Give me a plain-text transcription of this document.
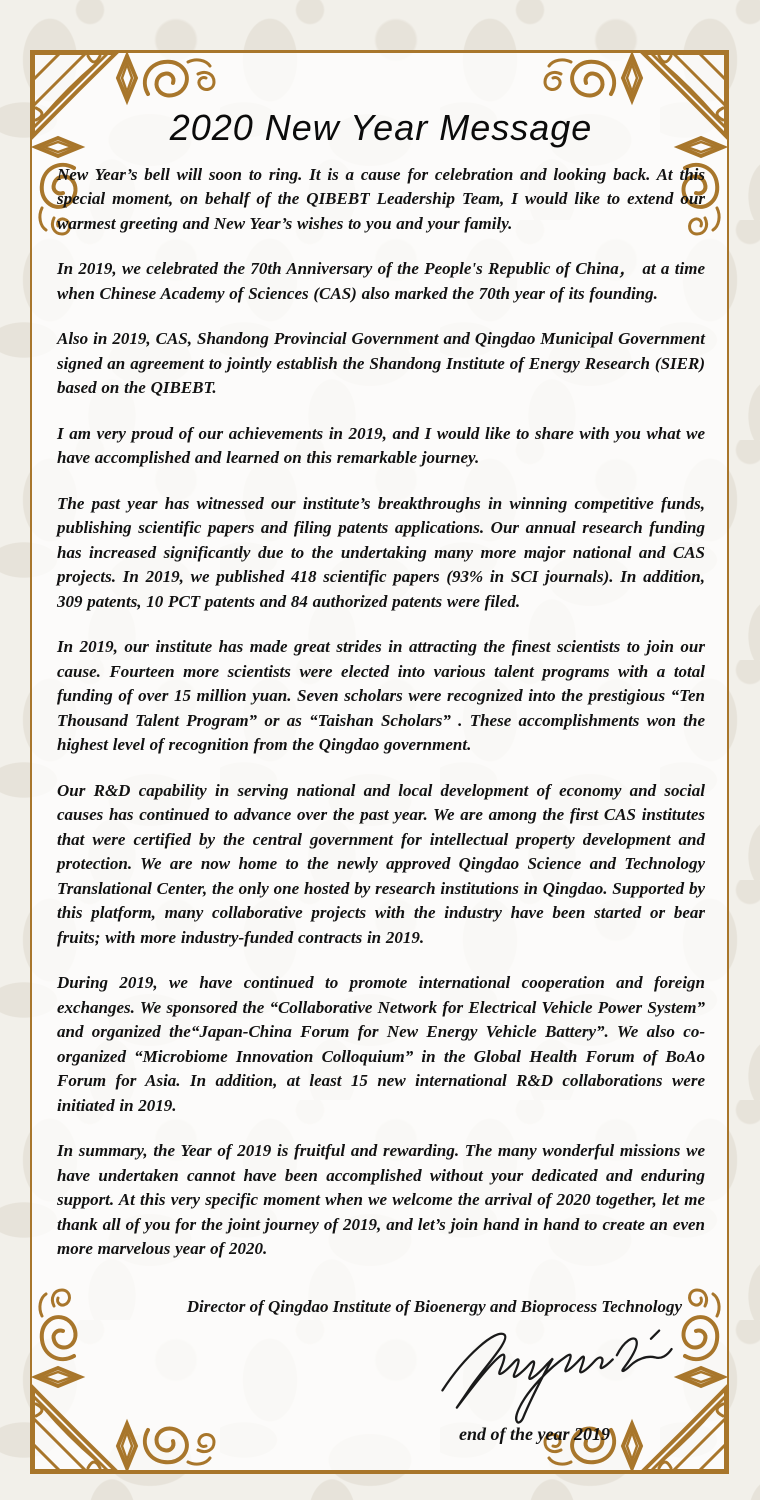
2020 New Year Message

New Year’s bell will soon to ring. It is a cause for celebration and looking back. At this special moment, on behalf of the QIBEBT Leadership Team, I would like to extend our warmest greeting and New Year’s wishes to you and your family.

In 2019, we celebrated the 70th Anniversary of the People's Republic of China， at a time when Chinese Academy of Sciences (CAS) also marked the 70th year of its founding.

Also in 2019, CAS, Shandong Provincial Government and Qingdao Municipal Government signed an agreement to jointly establish the Shandong Institute of Energy Research (SIER) based on the QIBEBT.

I am very proud of our achievements in 2019, and I would like to share with you what we have accomplished and learned on this remarkable journey.

The past year has witnessed our institute’s breakthroughs in winning competitive funds, publishing scientific papers and filing patents applications. Our annual research funding has increased significantly due to the undertaking many more major national and CAS projects. In 2019, we published 418 scientific papers (93% in SCI journals). In addition, 309 patents, 10 PCT patents and 84 authorized patents were filed.

In 2019, our institute has made great strides in attracting the finest scientists to join our cause. Fourteen more scientists were elected into various talent programs with a total funding of over 15 million yuan. Seven scholars were recognized into the prestigious “Ten Thousand Talent Program” or as “Taishan Scholars” . These accomplishments won the highest level of recognition from the Qingdao government.

Our R&D capability in serving national and local development of economy and social causes has continued to advance over the past year. We are among the first CAS institutes that were certified by the central government for intellectual property development and protection. We are now home to the newly approved Qingdao Science and Technology Translational Center, the only one hosted by research institutions in Qingdao. Supported by this platform, many collaborative projects with the industry have been started or bear fruits; with more industry-funded contracts in 2019.

During 2019, we have continued to promote international cooperation and foreign exchanges. We sponsored the “Collaborative Network for Electrical Vehicle Power System” and organized the“Japan-China Forum for New Energy Vehicle Battery”. We also co-organized “Microbiome Innovation Colloquium” in the Global Health Forum of BoAo Forum for Asia. In addition, at least 15 new international R&D collaborations were initiated in 2019.

In summary, the Year of 2019 is fruitful and rewarding. The many wonderful missions we have undertaken cannot have been accomplished without your dedicated and enduring support. At this very specific moment when we welcome the arrival of 2020 together, let me thank all of you for the joint journey of 2019, and let’s join hand in hand to create an even more marvelous year of 2020.

Director of Qingdao Institute of Bioenergy and Bioprocess Technology
end of the year 2019
